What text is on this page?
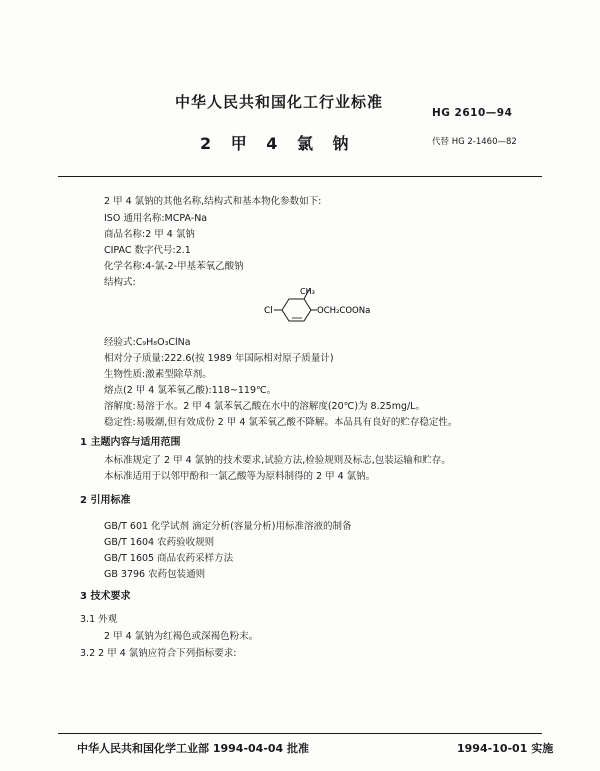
中华人民共和国化工行业标准
HG 2610—94
2 甲 4 氯 钠	代替 HG 2-1460—82
2 甲 4 氯钠的其他名称,结构式和基本物化参数如下:
ISO 通用名称:MCPA-Na
商品名称:2 甲 4 氯钠
CIPAC 数字代号:2.1
化学名称:4-氯-2-甲基苯氧乙酸钠
结构式:
Cl
CH₃
OCH₂COONa
经验式:C₉H₈O₃ClNa
相对分子质量:222.6(按 1989 年国际相对原子质量计)
生物性质:激素型除草剂。
熔点(2 甲 4 氯苯氧乙酸):118~119℃。
溶解度:易溶于水。2 甲 4 氯苯氧乙酸在水中的溶解度(20℃)为 8.25mg/L。
稳定性:易吸潮,但有效成份 2 甲 4 氯苯氧乙酸不降解。本品具有良好的贮存稳定性。
1 主题内容与适用范围
本标准规定了 2 甲 4 氯钠的技术要求,试验方法,检验规则及标志,包装运输和贮存。
本标准适用于以邻甲酚和一氯乙酸等为原料制得的 2 甲 4 氯钠。
2 引用标准
GB/T 601 化学试剂 滴定分析(容量分析)用标准溶液的制备
GB/T 1604 农药验收规则
GB/T 1605 商品农药采样方法
GB 3796 农药包装通则
3 技术要求
3.1 外观
2 甲 4 氯钠为红褐色或深褐色粉末。
3.2 2 甲 4 氯钠应符合下列指标要求:
中华人民共和国化学工业部 1994-04-04 批准	1994-10-01 实施
